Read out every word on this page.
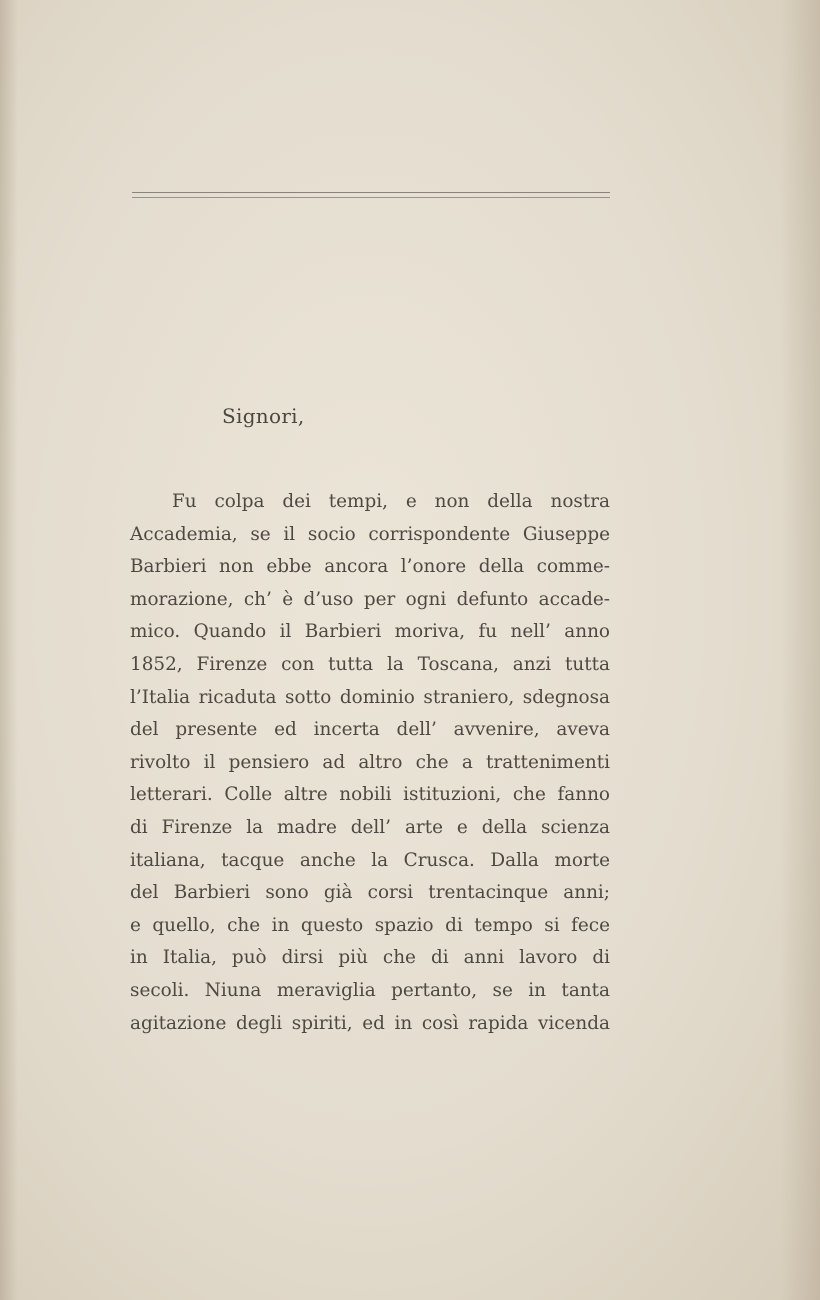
Signori,
Fu colpa dei tempi, e non della nostra
Accademia, se il socio corrispondente Giuseppe
Barbieri non ebbe ancora l’onore della comme-
morazione, ch’ è d’uso per ogni defunto accade-
mico. Quando il Barbieri moriva, fu nell’ anno
1852, Firenze con tutta la Toscana, anzi tutta
l’Italia ricaduta sotto dominio straniero, sdegnosa
del presente ed incerta dell’ avvenire, aveva
rivolto il pensiero ad altro che a trattenimenti
letterari. Colle altre nobili istituzioni, che fanno
di Firenze la madre dell’ arte e della scienza
italiana, tacque anche la Crusca. Dalla morte
del Barbieri sono già corsi trentacinque anni;
e quello, che in questo spazio di tempo si fece
in Italia, può dirsi più che di anni lavoro di
secoli. Niuna meraviglia pertanto, se in tanta
agitazione degli spiriti, ed in così rapida vicenda
